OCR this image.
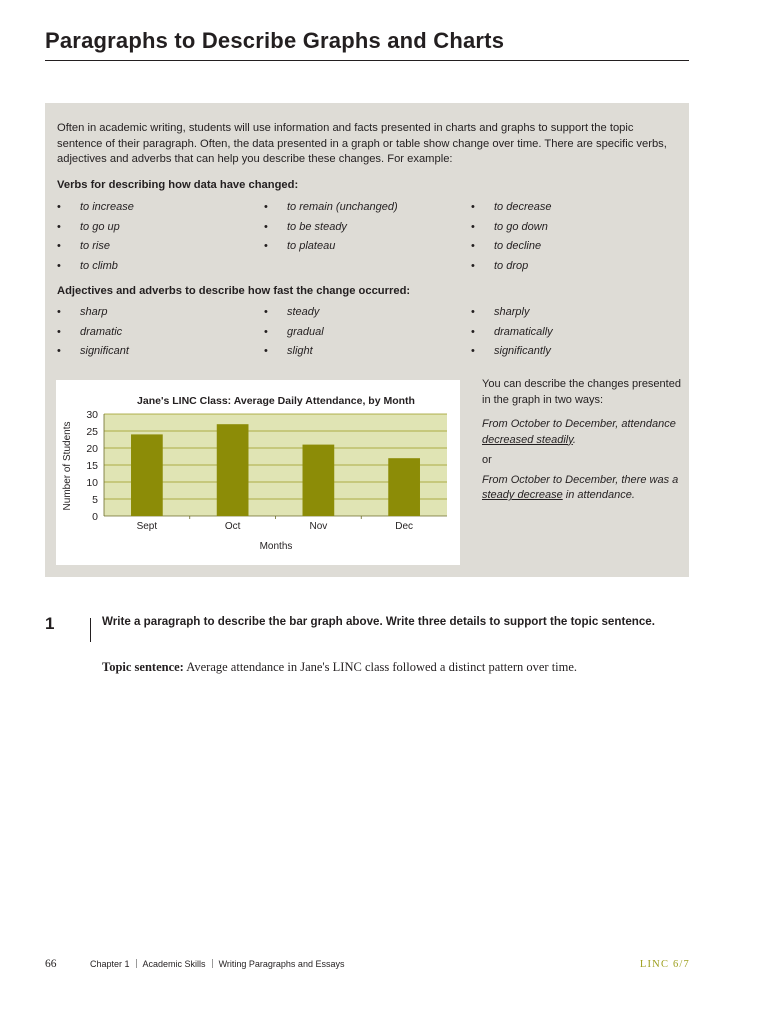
Paragraphs to Describe Graphs and Charts

Often in academic writing, students will use information and facts presented in charts and graphs to support the topic sentence of their paragraph. Often, the data presented in a graph or table show change over time. There are specific verbs, adjectives and adverbs that can help you describe these changes. For example:

Verbs for describing how data have changed:

• to increase
• to go up
• to rise
• to climb
• to remain (unchanged)
• to be steady
• to plateau
• to decrease
• to go down
• to decline
• to drop

Adjectives and adverbs to describe how fast the change occurred:

• sharp
• dramatic
• significant
• steady
• gradual
• slight
• sharply
• dramatically
• significantly
Jane's LINC Class: Average Daily Attendance, by Month
Number of Students
Months
0
5
10
15
20
25
30
Sept	Oct	Nov	Dec

You can describe the changes presented in the graph in two ways:

From October to December, attendance decreased steadily.

or

From October to December, there was a steady decrease in attendance.

1	Write a paragraph to describe the bar graph above. Write three details to support the topic sentence.
Topic sentence: Average attendance in Jane's LINC class followed a distinct pattern over time.
66	Chapter 1 Academic Skills Writing Paragraphs and Essays	LINC 6/7
